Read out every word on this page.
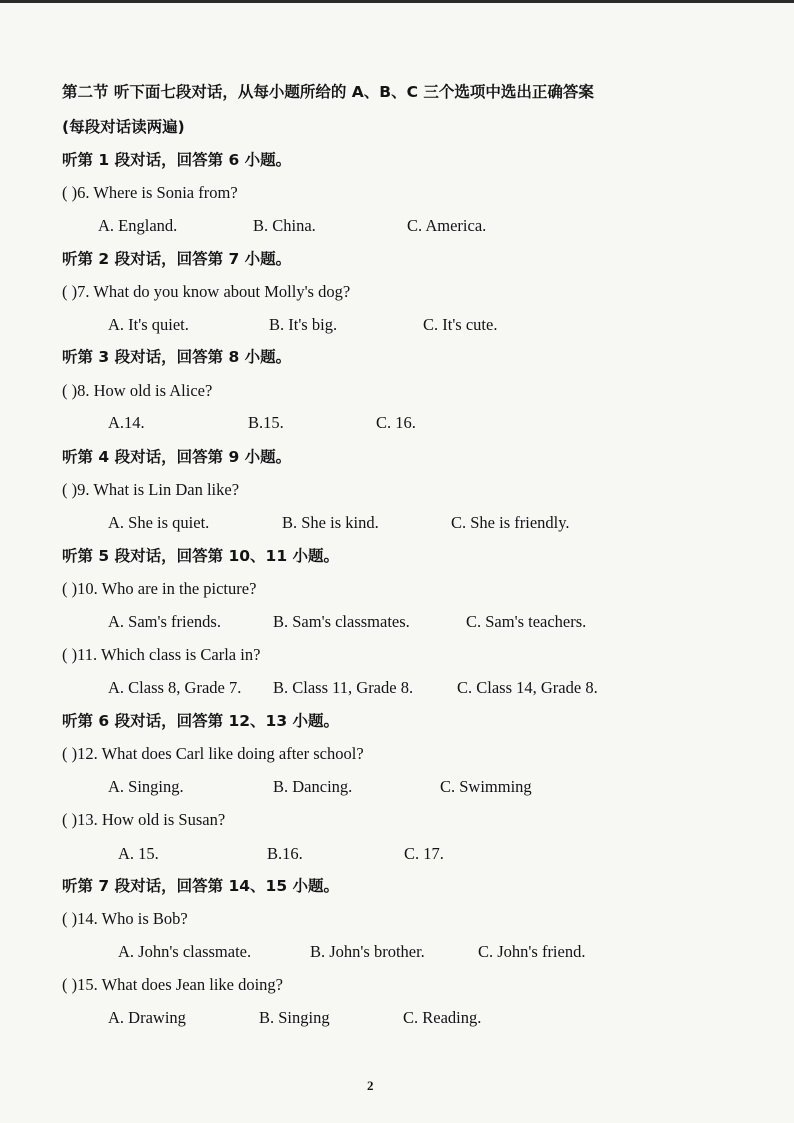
第二节 听下面七段对话，从每小题所给的 A、B、C 三个选项中选出正确答案
(每段对话读两遍)
听第 1 段对话，回答第 6 小题。
( )6. Where is Sonia from?
A. England.	B. China.	C. America.
听第 2 段对话，回答第 7 小题。
( )7. What do you know about Molly's dog?
A. It's quiet.	B. It's big.	C. It's cute.
听第 3 段对话，回答第 8 小题。
( )8. How old is Alice?
A.14.	B.15.	C. 16.
听第 4 段对话，回答第 9 小题。
( )9. What is Lin Dan like?
A. She is quiet.	B. She is kind.	C. She is friendly.
听第 5 段对话，回答第 10、11 小题。
( )10. Who are in the picture?
A. Sam's friends.	B. Sam's classmates.	C. Sam's teachers.
( )11. Which class is Carla in?
A. Class 8, Grade 7. B. Class 11, Grade 8.	C. Class 14, Grade 8.
听第 6 段对话，回答第 12、13 小题。
( )12. What does Carl like doing after school?
A. Singing.	B. Dancing.	C. Swimming
( )13. How old is Susan?
A. 15.	B.16.	C. 17.
听第 7 段对话，回答第 14、15 小题。
( )14. Who is Bob?
A. John's classmate.	B. John's brother.	C. John's friend.
( )15. What does Jean like doing?
A. Drawing	B. Singing	C. Reading.
2
